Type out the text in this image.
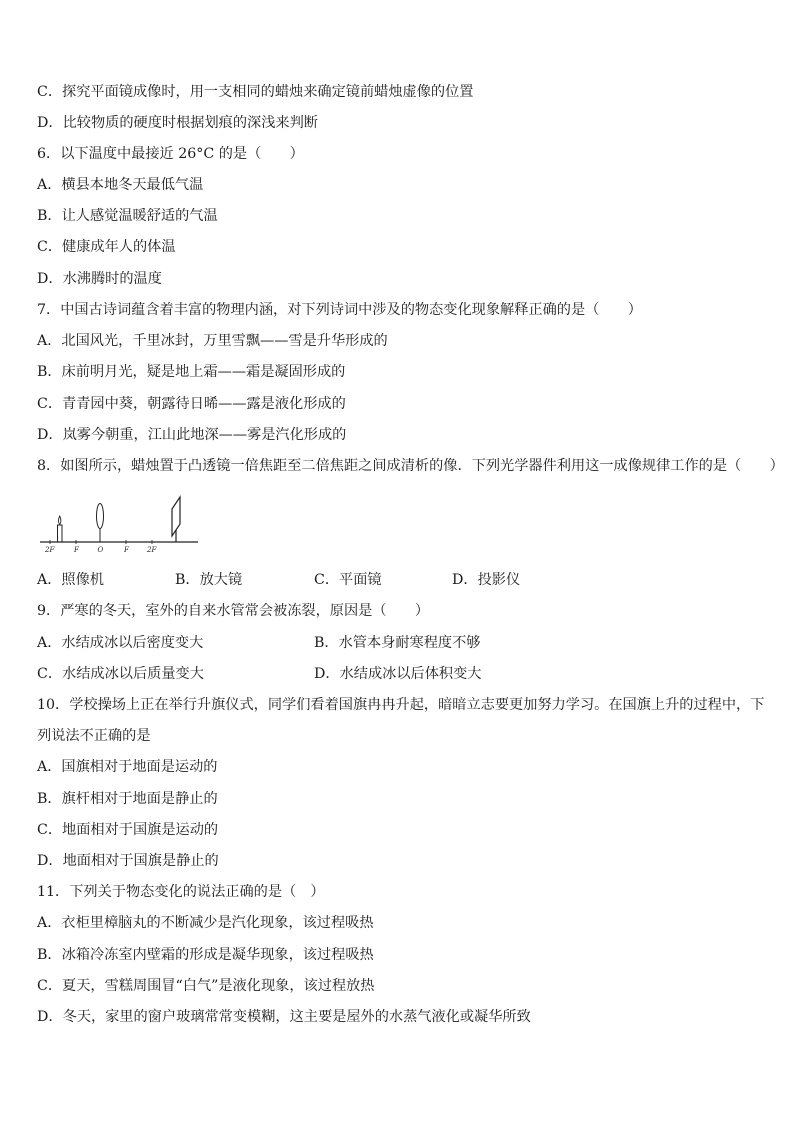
C．探究平面镜成像时，用一支相同的蜡烛来确定镜前蜡烛虚像的位置
D．比较物质的硬度时根据划痕的深浅来判断
6．以下温度中最接近 26°C 的是（　　）
A．横县本地冬天最低气温
B．让人感觉温暖舒适的气温
C．健康成年人的体温
D．水沸腾时的温度
7．中国古诗词蕴含着丰富的物理内涵，对下列诗词中涉及的物态变化现象解释正确的是（　　）
A．北国风光，千里冰封，万里雪飘——雪是升华形成的
B．床前明月光，疑是地上霜——霜是凝固形成的
C．青青园中葵，朝露待日晞——露是液化形成的
D．岚雾今朝重，江山此地深——雾是汽化形成的
8．如图所示，蜡烛置于凸透镜一倍焦距至二倍焦距之间成清析的像．下列光学器件利用这一成像规律工作的是（　　）
2F	F	O	F	2F
A．照像机	B．放大镜	C．平面镜	D．投影仪
9．严寒的冬天，室外的自来水管常会被冻裂，原因是（　　）
A．水结成冰以后密度变大	B．水管本身耐寒程度不够
C．水结成冰以后质量变大	D．水结成冰以后体积变大
10．学校操场上正在举行升旗仪式，同学们看着国旗冉冉升起，暗暗立志要更加努力学习。在国旗上升的过程中，下
列说法不正确的是
A．国旗相对于地面是运动的
B．旗杆相对于地面是静止的
C．地面相对于国旗是运动的
D．地面相对于国旗是静止的
11．下列关于物态变化的说法正确的是（　）
A．衣柜里樟脑丸的不断减少是汽化现象，该过程吸热
B．冰箱冷冻室内壁霜的形成是凝华现象，该过程吸热
C．夏天，雪糕周围冒“白气”是液化现象，该过程放热
D．冬天，家里的窗户玻璃常常变模糊，这主要是屋外的水蒸气液化或凝华所致
